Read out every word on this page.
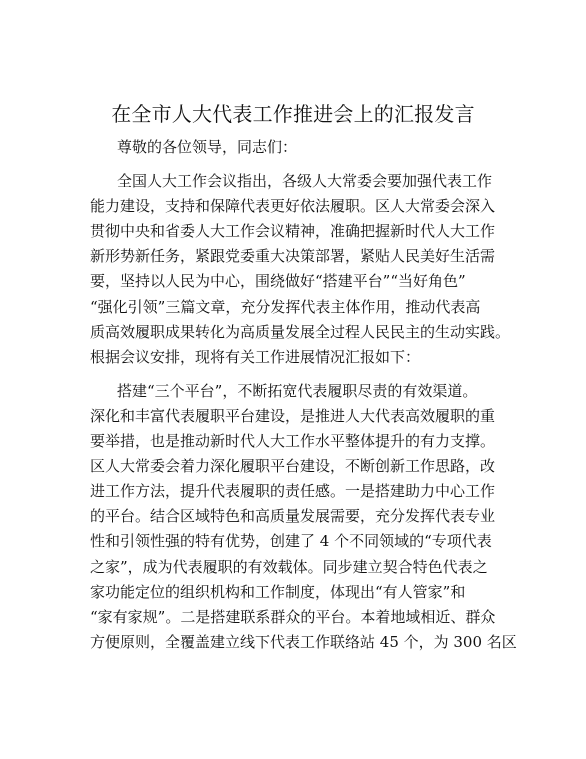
在全市人大代表工作推进会上的汇报发言
尊敬的各位领导，同志们：
全国人大工作会议指出，各级人大常委会要加强代表工作
能力建设，支持和保障代表更好依法履职。区人大常委会深入
贯彻中央和省委人大工作会议精神，准确把握新时代人大工作
新形势新任务，紧跟党委重大决策部署，紧贴人民美好生活需
要，坚持以人民为中心，围绕做好“搭建平台”“当好角色”
“强化引领”三篇文章，充分发挥代表主体作用，推动代表高
质高效履职成果转化为高质量发展全过程人民民主的生动实践。
根据会议安排，现将有关工作进展情况汇报如下：
搭建“三个平台”，不断拓宽代表履职尽责的有效渠道。
深化和丰富代表履职平台建设，是推进人大代表高效履职的重
要举措，也是推动新时代人大工作水平整体提升的有力支撑。
区人大常委会着力深化履职平台建设，不断创新工作思路，改
进工作方法，提升代表履职的责任感。一是搭建助力中心工作
的平台。结合区域特色和高质量发展需要，充分发挥代表专业
性和引领性强的特有优势，创建了 4 个不同领域的“专项代表
之家”，成为代表履职的有效载体。同步建立契合特色代表之
家功能定位的组织机构和工作制度，体现出“有人管家”和
“家有家规”。二是搭建联系群众的平台。本着地域相近、群众
方便原则，全覆盖建立线下代表工作联络站 45 个，为 300 名区
